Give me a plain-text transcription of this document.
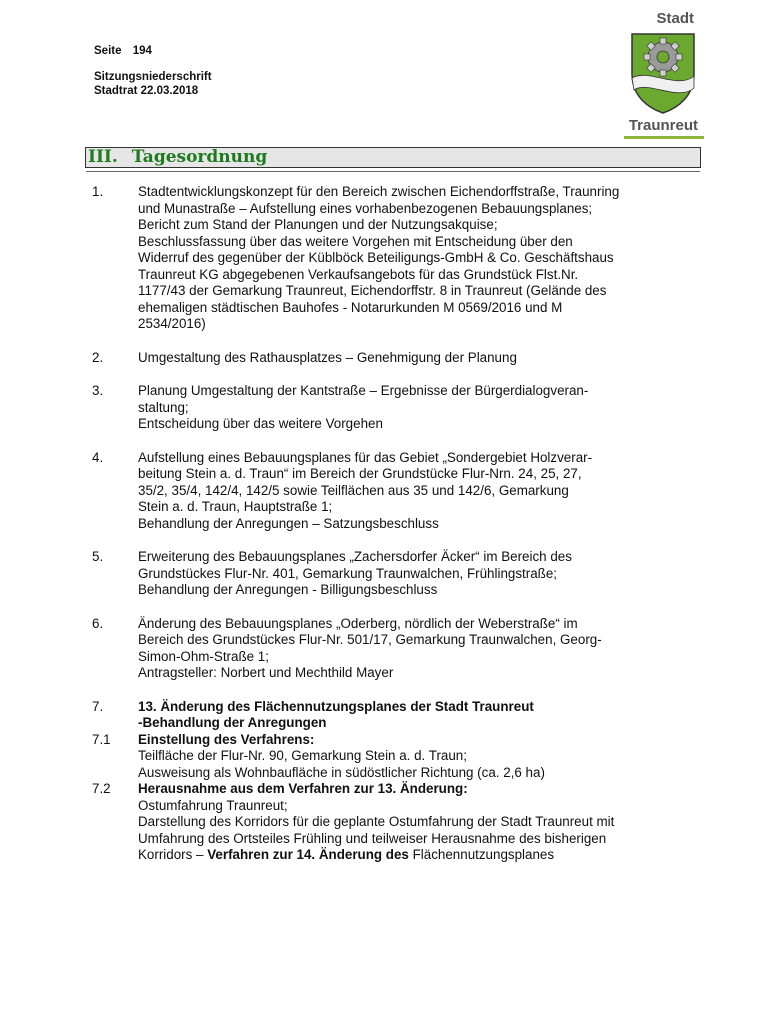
Seite 194
Sitzungsniederschrift
Stadtrat 22.03.2018
Stadt
Traunreut
III. Tagesordnung
1.	Stadtentwicklungskonzept für den Bereich zwischen Eichendorffstraße, Traunring
und Munastraße – Aufstellung eines vorhabenbezogenen Bebauungsplanes;
Bericht zum Stand der Planungen und der Nutzungsakquise;
Beschlussfassung über das weitere Vorgehen mit Entscheidung über den
Widerruf des gegenüber der Küblböck Beteiligungs-GmbH & Co. Geschäftshaus
Traunreut KG abgegebenen Verkaufsangebots für das Grundstück Flst.Nr.
1177/43 der Gemarkung Traunreut, Eichendorffstr. 8 in Traunreut (Gelände des
ehemaligen städtischen Bauhofes - Notarurkunden M 0569/2016 und M
2534/2016)
2.	Umgestaltung des Rathausplatzes – Genehmigung der Planung
3.	Planung Umgestaltung der Kantstraße – Ergebnisse der Bürgerdialogveran-
staltung;
Entscheidung über das weitere Vorgehen
4.	Aufstellung eines Bebauungsplanes für das Gebiet „Sondergebiet Holzverar-
beitung Stein a. d. Traun“ im Bereich der Grundstücke Flur-Nrn. 24, 25, 27,
35/2, 35/4, 142/4, 142/5 sowie Teilflächen aus 35 und 142/6, Gemarkung
Stein a. d. Traun, Hauptstraße 1;
Behandlung der Anregungen – Satzungsbeschluss
5.	Erweiterung des Bebauungsplanes „Zachersdorfer Äcker“ im Bereich des
Grundstückes Flur-Nr. 401, Gemarkung Traunwalchen, Frühlingstraße;
Behandlung der Anregungen - Billigungsbeschluss
6.	Änderung des Bebauungsplanes „Oderberg, nördlich der Weberstraße“ im
Bereich des Grundstückes Flur-Nr. 501/17, Gemarkung Traunwalchen, Georg-
Simon-Ohm-Straße 1;
Antragsteller: Norbert und Mechthild Mayer
7.	13. Änderung des Flächennutzungsplanes der Stadt Traunreut
-Behandlung der Anregungen
7.1 Einstellung des Verfahrens:
Teilfläche der Flur-Nr. 90, Gemarkung Stein a. d. Traun;
Ausweisung als Wohnbaufläche in südöstlicher Richtung (ca. 2,6 ha)
7.2 Herausnahme aus dem Verfahren zur 13. Änderung:
Ostumfahrung Traunreut;
Darstellung des Korridors für die geplante Ostumfahrung der Stadt Traunreut mit
Umfahrung des Ortsteiles Frühling und teilweiser Herausnahme des bisherigen
Korridors – Verfahren zur 14. Änderung des Flächennutzungsplanes
